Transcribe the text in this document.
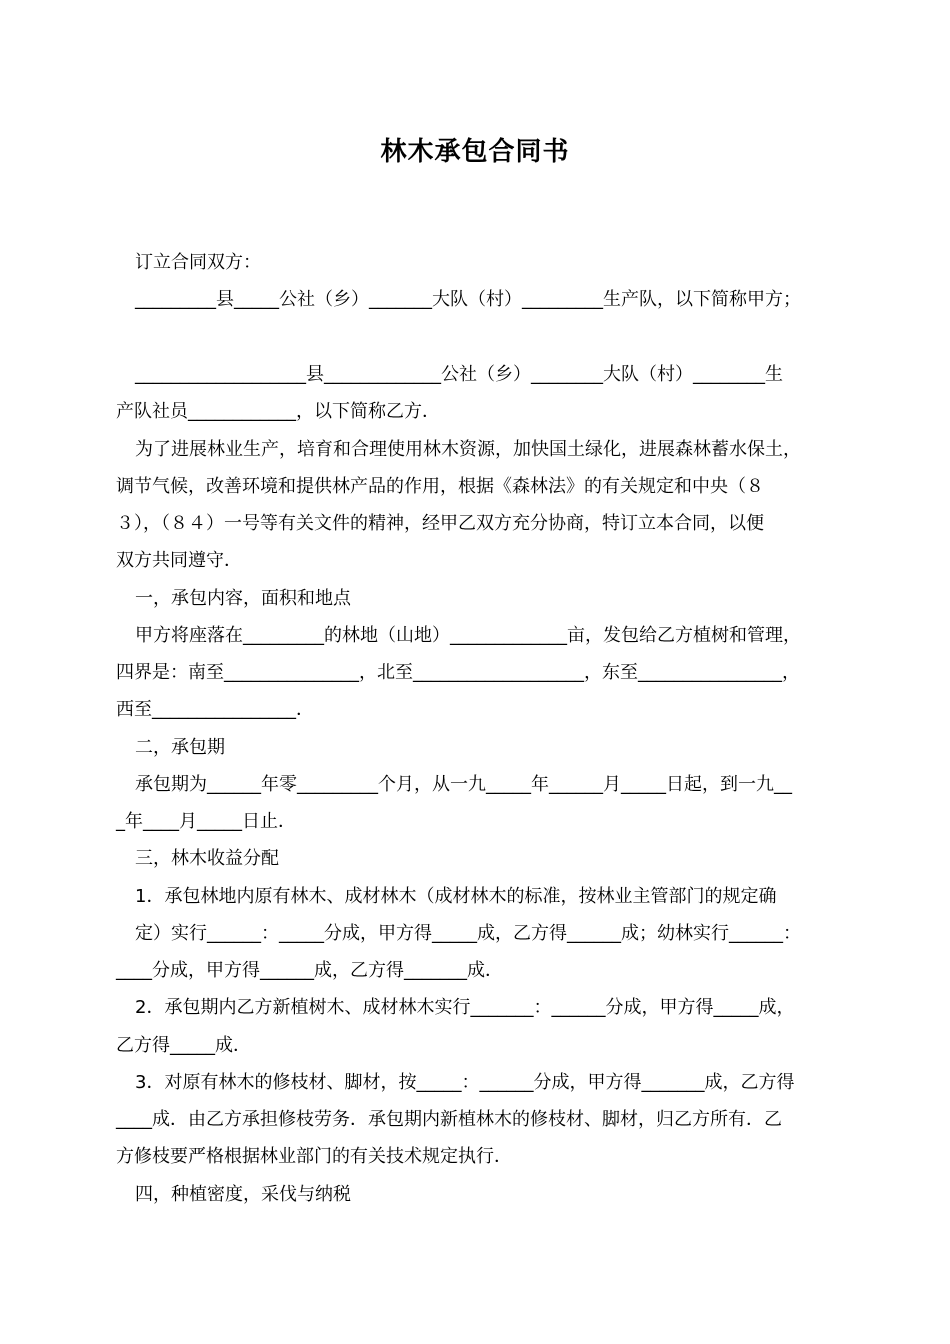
林木承包合同书
订立合同双方：
_________县_____公社（乡）_______大队（村）_________生产队，以下简称甲方；
___________________县_____________公社（乡）________大队（村）________生
产队社员____________，以下简称乙方．
为了进展林业生产，培育和合理使用林木资源，加快国土绿化，进展森林蓄水保土，
调节气候，改善环境和提供林产品的作用，根据《森林法》的有关规定和中央（８
３），（８４）一号等有关文件的精神，经甲乙双方充分协商，特订立本合同，以便
双方共同遵守．
一，承包内容，面积和地点
甲方将座落在_________的林地（山地）_____________亩，发包给乙方植树和管理，
四界是：南至_______________，北至___________________，东至________________，
西至________________．
二，承包期
承包期为______年零_________个月，从一九_____年______月_____日起，到一九__
_年____月_____日止．
三，林木收益分配
1．承包林地内原有林木、成材林木（成材林木的标准，按林业主管部门的规定确
定）实行______：_____分成，甲方得_____成，乙方得______成；幼林实行______：
____分成，甲方得______成，乙方得_______成．
2．承包期内乙方新植树木、成材林木实行_______：______分成，甲方得_____成，
乙方得_____成．
3．对原有林木的修枝材、脚材，按_____：______分成，甲方得_______成，乙方得
____成．由乙方承担修枝劳务．承包期内新植林木的修枝材、脚材，归乙方所有．乙
方修枝要严格根据林业部门的有关技术规定执行．
四，种植密度，采伐与纳税
